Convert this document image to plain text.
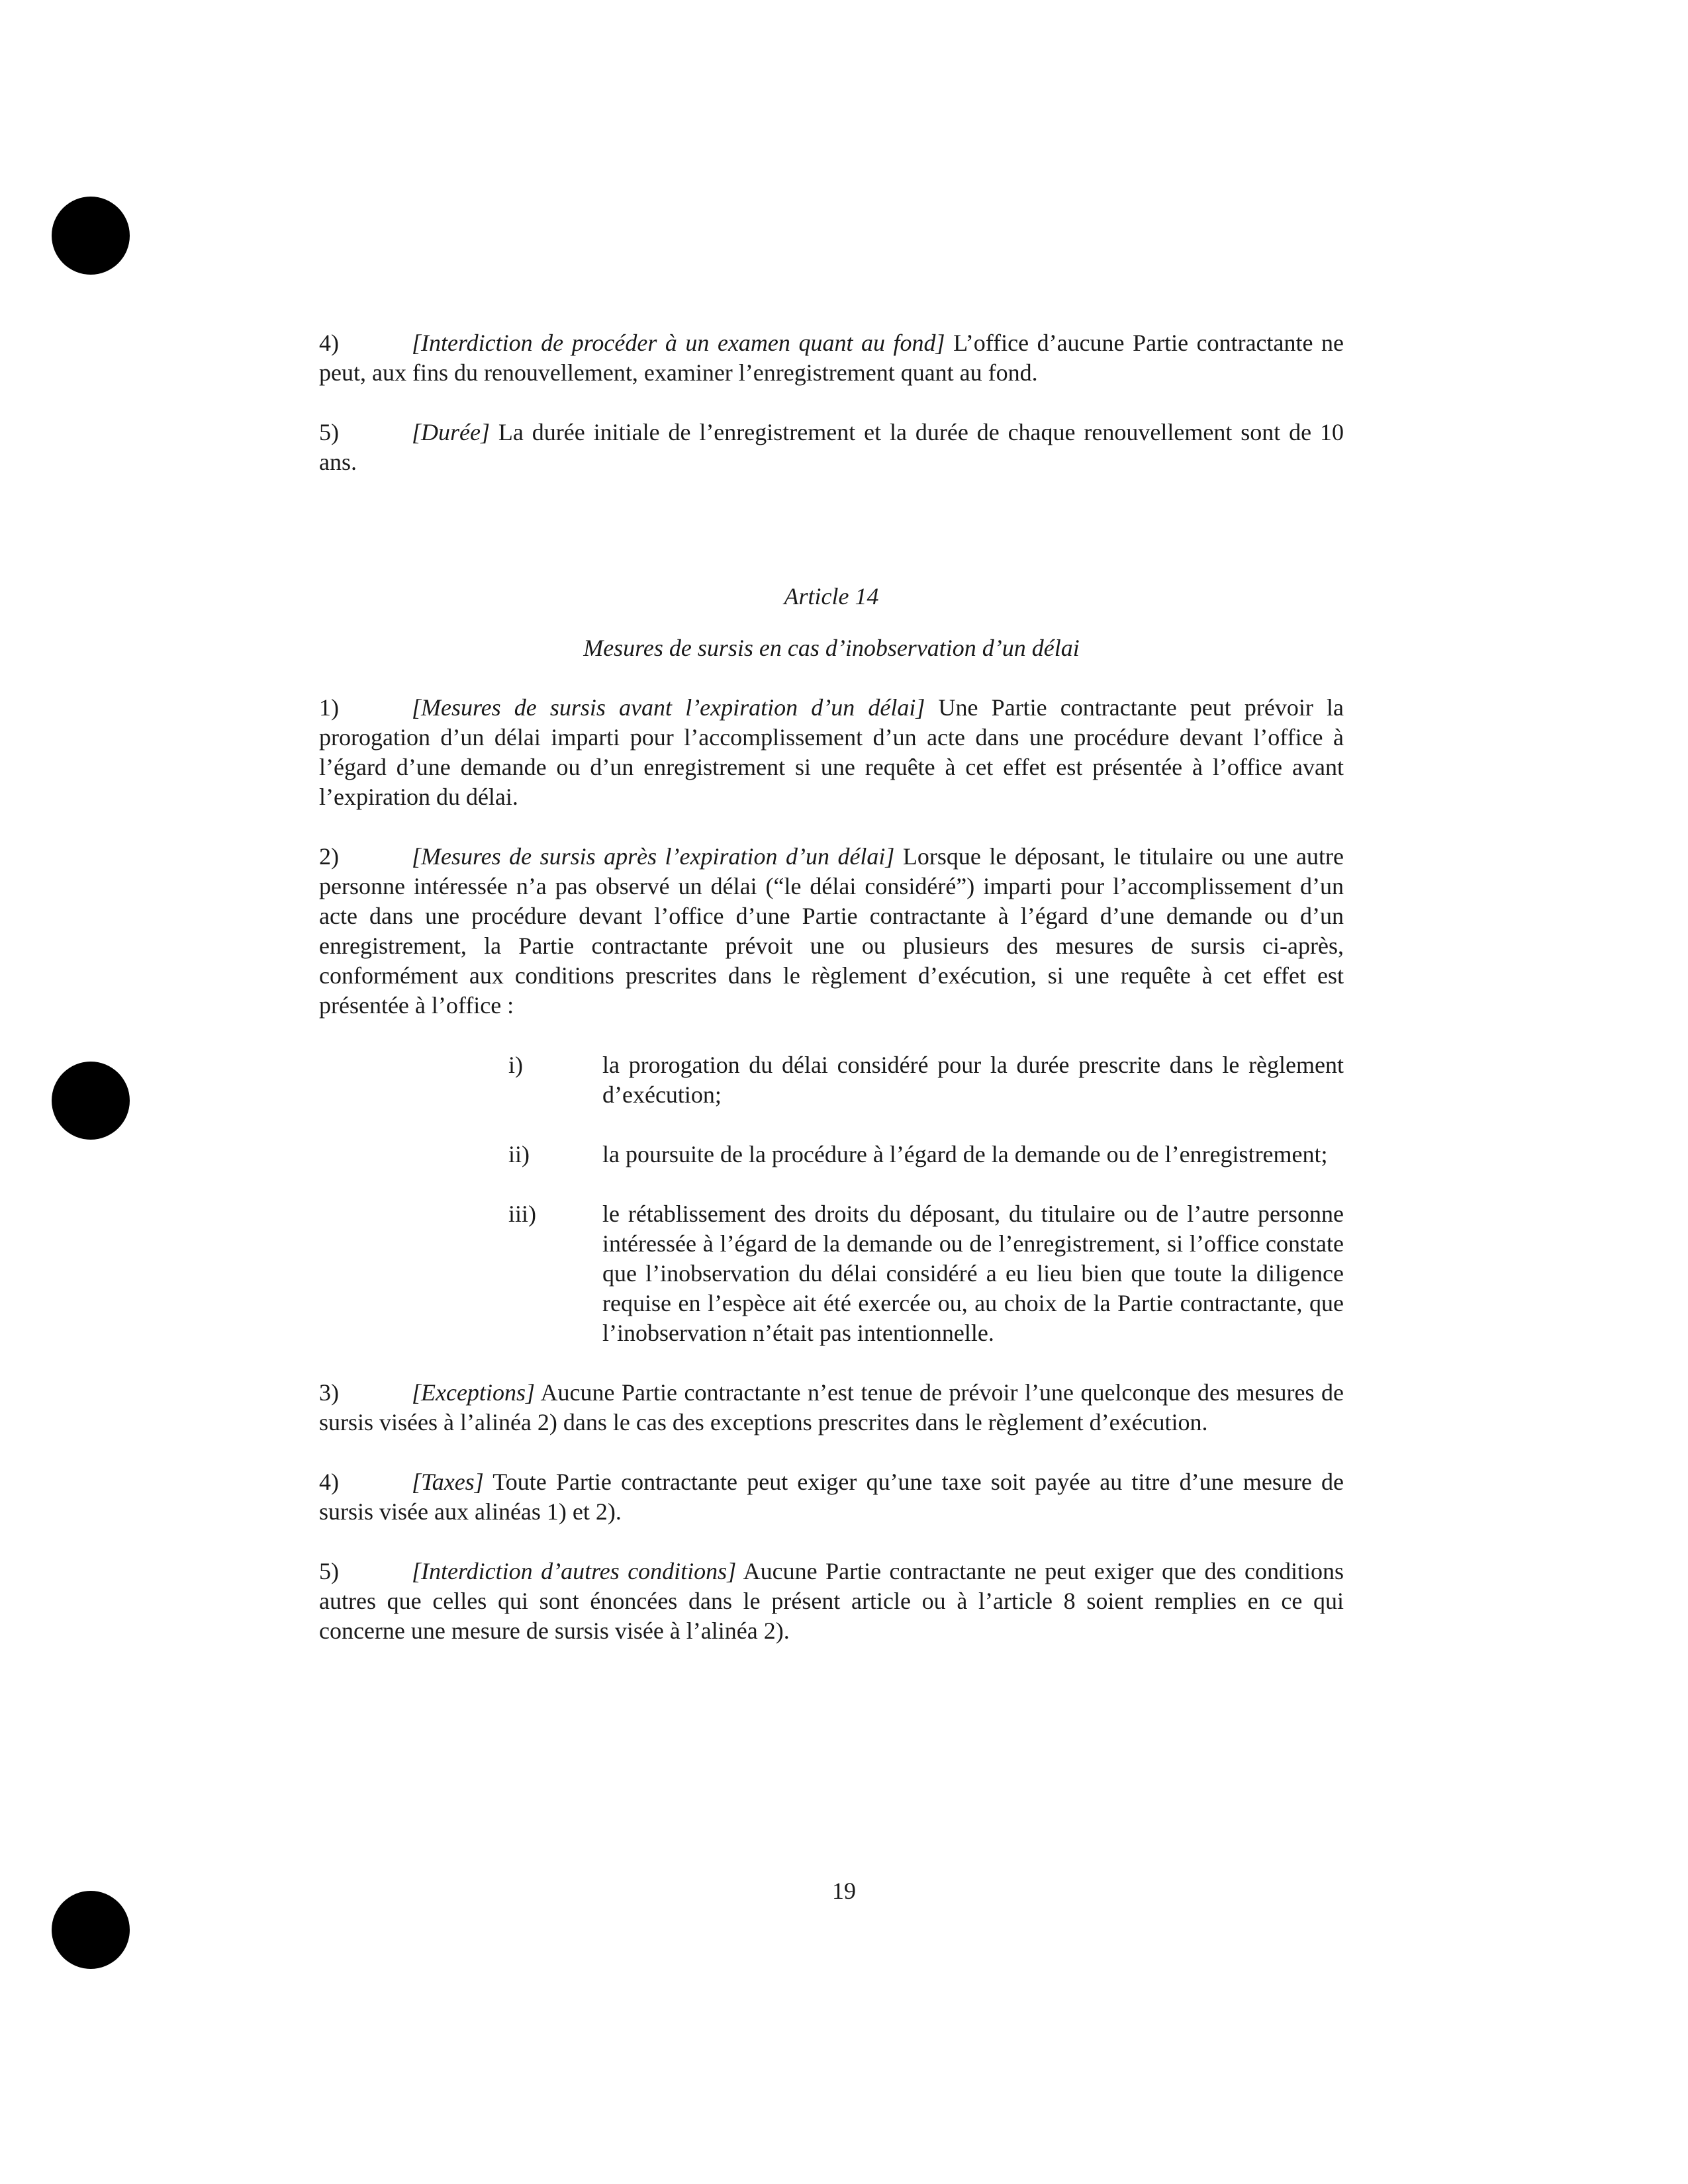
4)	[Interdiction de procéder à un examen quant au fond] L’office d’aucune Partie contractante ne peut, aux fins du renouvellement, examiner l’enregistrement quant au fond.

5)	[Durée] La durée initiale de l’enregistrement et la durée de chaque renouvellement sont de 10 ans.

Article 14

Mesures de sursis en cas d’inobservation d’un délai

1)	[Mesures de sursis avant l’expiration d’un délai] Une Partie contractante peut prévoir la prorogation d’un délai imparti pour l’accomplissement d’un acte dans une procédure devant l’office à l’égard d’une demande ou d’un enregistrement si une requête à cet effet est présentée à l’office avant l’expiration du délai.

2)	[Mesures de sursis après l’expiration d’un délai] Lorsque le déposant, le titulaire ou une autre personne intéressée n’a pas observé un délai (“le délai considéré”) imparti pour l’accomplissement d’un acte dans une procédure devant l’office d’une Partie contractante à l’égard d’une demande ou d’un enregistrement, la Partie contractante prévoit une ou plusieurs des mesures de sursis ci-après, conformément aux conditions prescrites dans le règlement d’exécution, si une requête à cet effet est présentée à l’office :

i)	la prorogation du délai considéré pour la durée prescrite dans le règlement d’exécution;
ii)	la poursuite de la procédure à l’égard de la demande ou de l’enregistrement;
iii)	le rétablissement des droits du déposant, du titulaire ou de l’autre personne intéressée à l’égard de la demande ou de l’enregistrement, si l’office constate que l’inobservation du délai considéré a eu lieu bien que toute la diligence requise en l’espèce ait été exercée ou, au choix de la Partie contractante, que l’inobservation n’était pas intentionnelle.

3)	[Exceptions] Aucune Partie contractante n’est tenue de prévoir l’une quelconque des mesures de sursis visées à l’alinéa 2) dans le cas des exceptions prescrites dans le règlement d’exécution.

4)	[Taxes] Toute Partie contractante peut exiger qu’une taxe soit payée au titre d’une mesure de sursis visée aux alinéas 1) et 2).

5)	[Interdiction d’autres conditions] Aucune Partie contractante ne peut exiger que des conditions autres que celles qui sont énoncées dans le présent article ou à l’article 8 soient remplies en ce qui concerne une mesure de sursis visée à l’alinéa 2).

19
